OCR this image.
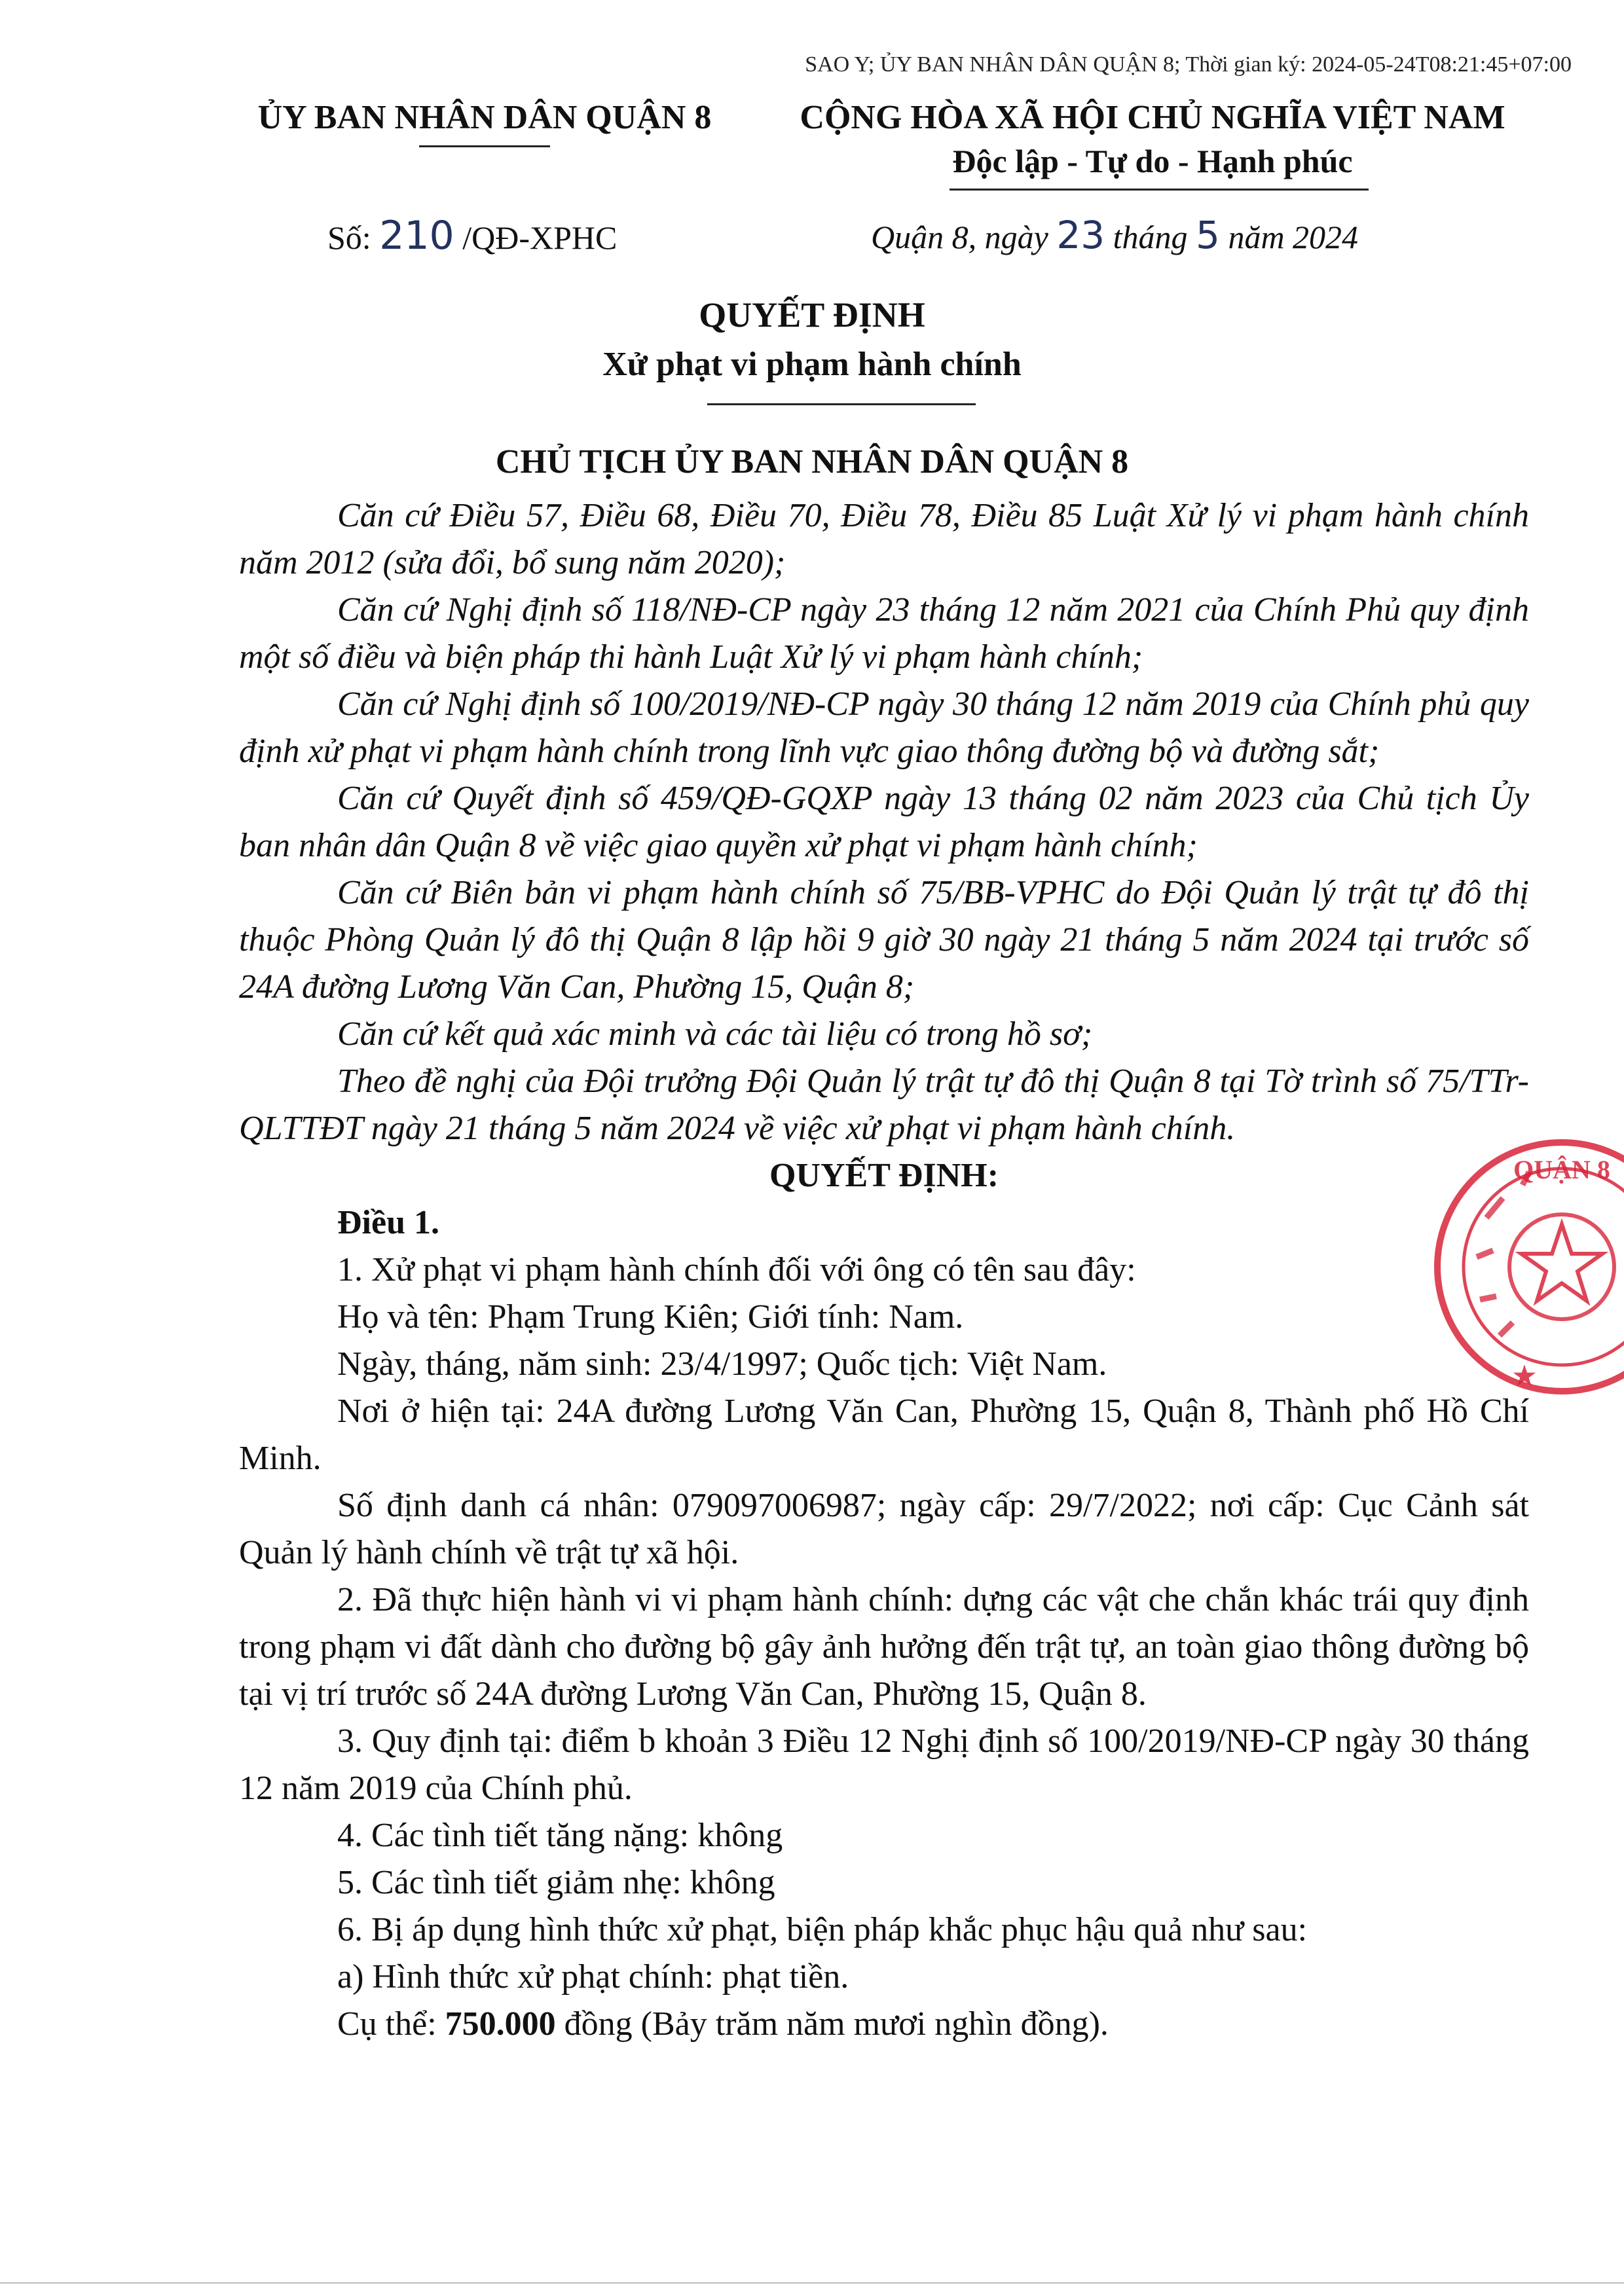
SAO Y; ỦY BAN NHÂN DÂN QUẬN 8; Thời gian ký: 2024-05-24T08:21:45+07:00
ỦY BAN NHÂN DÂN QUẬN 8	CỘNG HÒA XÃ HỘI CHỦ NGHĨA VIỆT NAM
Độc lập - Tự do - Hạnh phúc
Số: 210 /QĐ-XPHC	Quận 8, ngày 23 tháng 5 năm 2024
QUYẾT ĐỊNH
Xử phạt vi phạm hành chính
CHỦ TỊCH ỦY BAN NHÂN DÂN QUẬN 8

Căn cứ Điều 57, Điều 68, Điều 70, Điều 78, Điều 85 Luật Xử lý vi phạm hành chính năm 2012 (sửa đổi, bổ sung năm 2020);

Căn cứ Nghị định số 118/NĐ-CP ngày 23 tháng 12 năm 2021 của Chính Phủ quy định một số điều và biện pháp thi hành Luật Xử lý vi phạm hành chính;

Căn cứ Nghị định số 100/2019/NĐ-CP ngày 30 tháng 12 năm 2019 của Chính phủ quy định xử phạt vi phạm hành chính trong lĩnh vực giao thông đường bộ và đường sắt;

Căn cứ Quyết định số 459/QĐ-GQXP ngày 13 tháng 02 năm 2023 của Chủ tịch Ủy ban nhân dân Quận 8 về việc giao quyền xử phạt vi phạm hành chính;

Căn cứ Biên bản vi phạm hành chính số 75/BB-VPHC do Đội Quản lý trật tự đô thị thuộc Phòng Quản lý đô thị Quận 8 lập hồi 9 giờ 30 ngày 21 tháng 5 năm 2024 tại trước số 24A đường Lương Văn Can, Phường 15, Quận 8;

Căn cứ kết quả xác minh và các tài liệu có trong hồ sơ;

Theo đề nghị của Đội trưởng Đội Quản lý trật tự đô thị Quận 8 tại Tờ trình số 75/TTr-QLTTĐT ngày 21 tháng 5 năm 2024 về việc xử phạt vi phạm hành chính.

QUYẾT ĐỊNH:

Điều 1.

1. Xử phạt vi phạm hành chính đối với ông có tên sau đây:

Họ và tên: Phạm Trung Kiên; Giới tính: Nam.

Ngày, tháng, năm sinh: 23/4/1997; Quốc tịch: Việt Nam.

Nơi ở hiện tại: 24A đường Lương Văn Can, Phường 15, Quận 8, Thành phố Hồ Chí Minh.

Số định danh cá nhân: 079097006987; ngày cấp: 29/7/2022; nơi cấp: Cục Cảnh sát Quản lý hành chính về trật tự xã hội.

2. Đã thực hiện hành vi vi phạm hành chính: dựng các vật che chắn khác trái quy định trong phạm vi đất dành cho đường bộ gây ảnh hưởng đến trật tự, an toàn giao thông đường bộ tại vị trí trước số 24A đường Lương Văn Can, Phường 15, Quận 8.

3. Quy định tại: điểm b khoản 3 Điều 12 Nghị định số 100/2019/NĐ-CP ngày 30 tháng 12 năm 2019 của Chính phủ.

4. Các tình tiết tăng nặng: không

5. Các tình tiết giảm nhẹ: không

6. Bị áp dụng hình thức xử phạt, biện pháp khắc phục hậu quả như sau:

a) Hình thức xử phạt chính: phạt tiền.

Cụ thể: 750.000 đồng (Bảy trăm năm mươi nghìn đồng).

QUẬN 8
★
